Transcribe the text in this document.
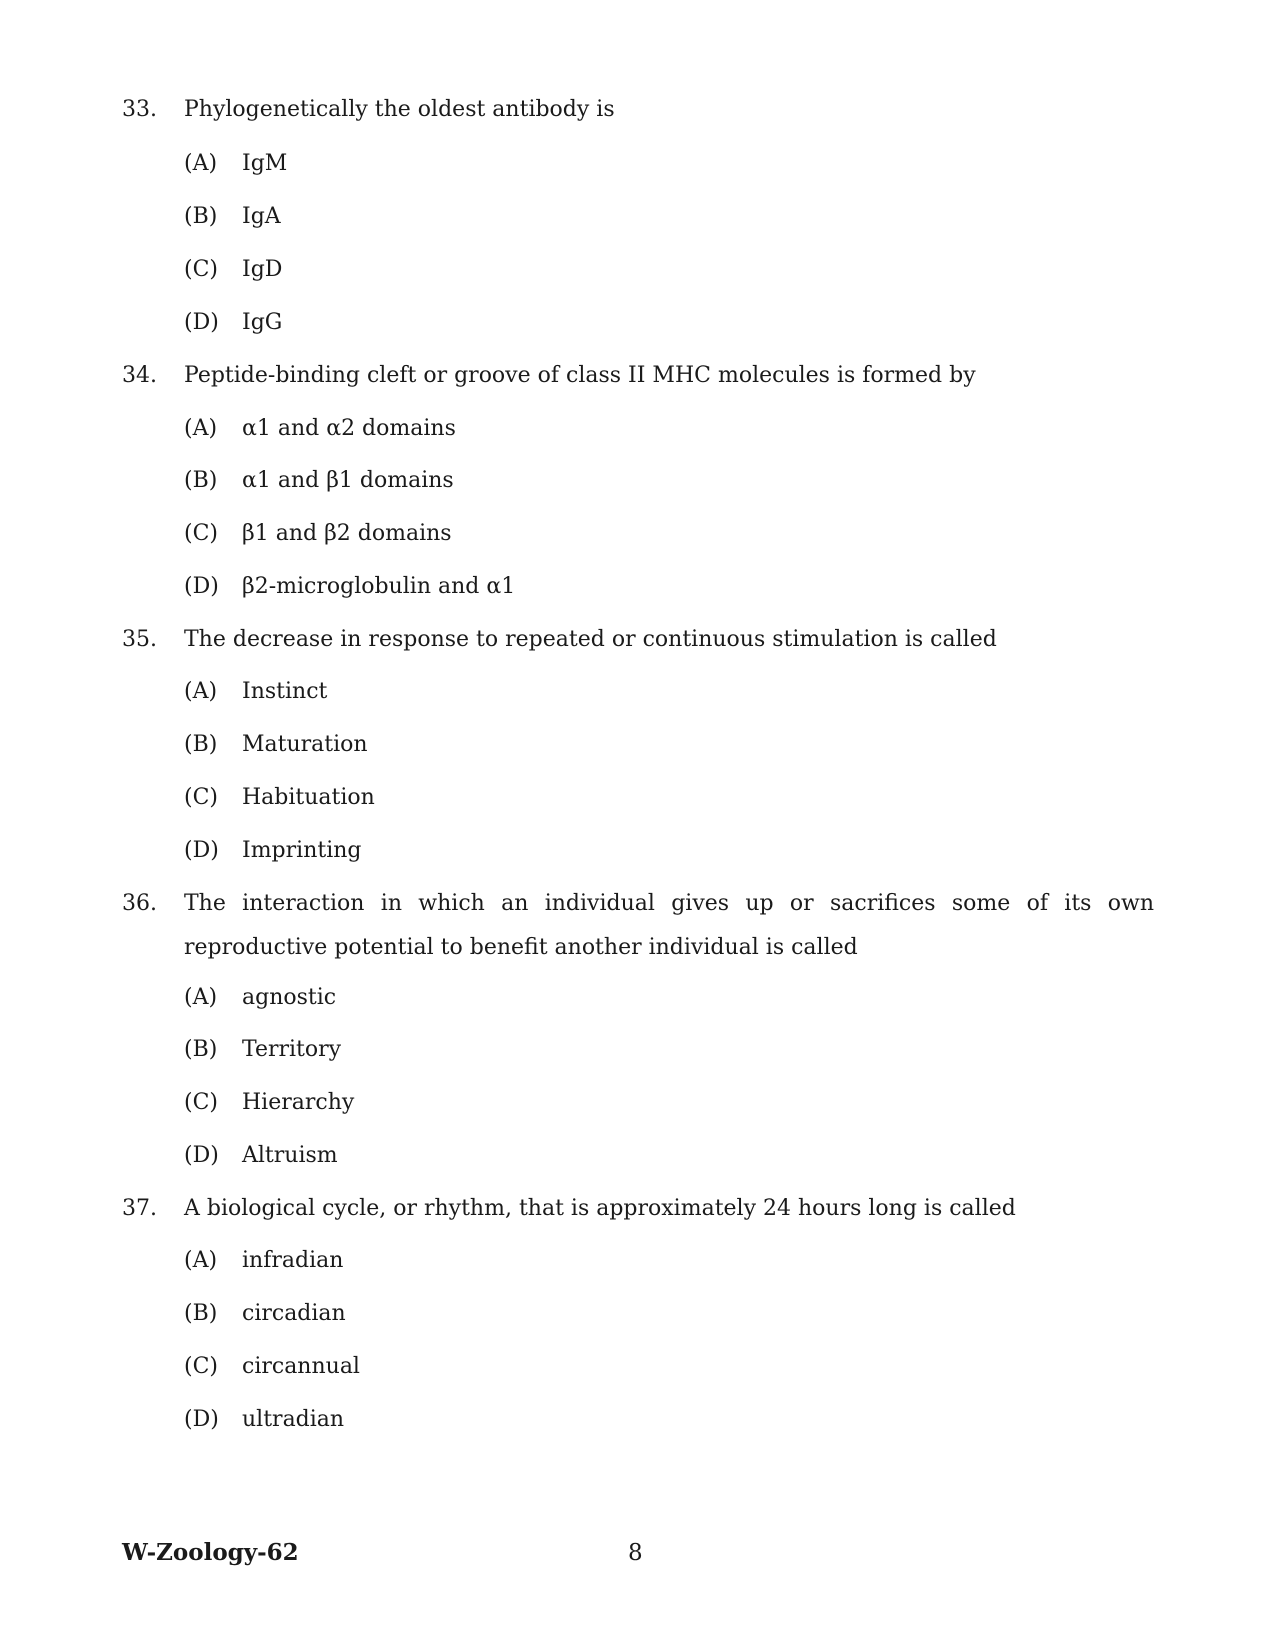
33. Phylogenetically the oldest antibody is
(A) IgM
(B) IgA
(C) IgD
(D) IgG
34. Peptide-binding cleft or groove of class II MHC molecules is formed by
(A) α1 and α2 domains
(B) α1 and β1 domains
(C) β1 and β2 domains
(D) β2-microglobulin and α1
35. The decrease in response to repeated or continuous stimulation is called
(A) Instinct
(B) Maturation
(C) Habituation
(D) Imprinting
36. The interaction in which an individual gives up or sacrifices some of its own reproductive potential to benefit another individual is called
(A) agnostic
(B) Territory
(C) Hierarchy
(D) Altruism
37. A biological cycle, or rhythm, that is approximately 24 hours long is called
(A) infradian
(B) circadian
(C) circannual
(D) ultradian
W-Zoology-62	8
